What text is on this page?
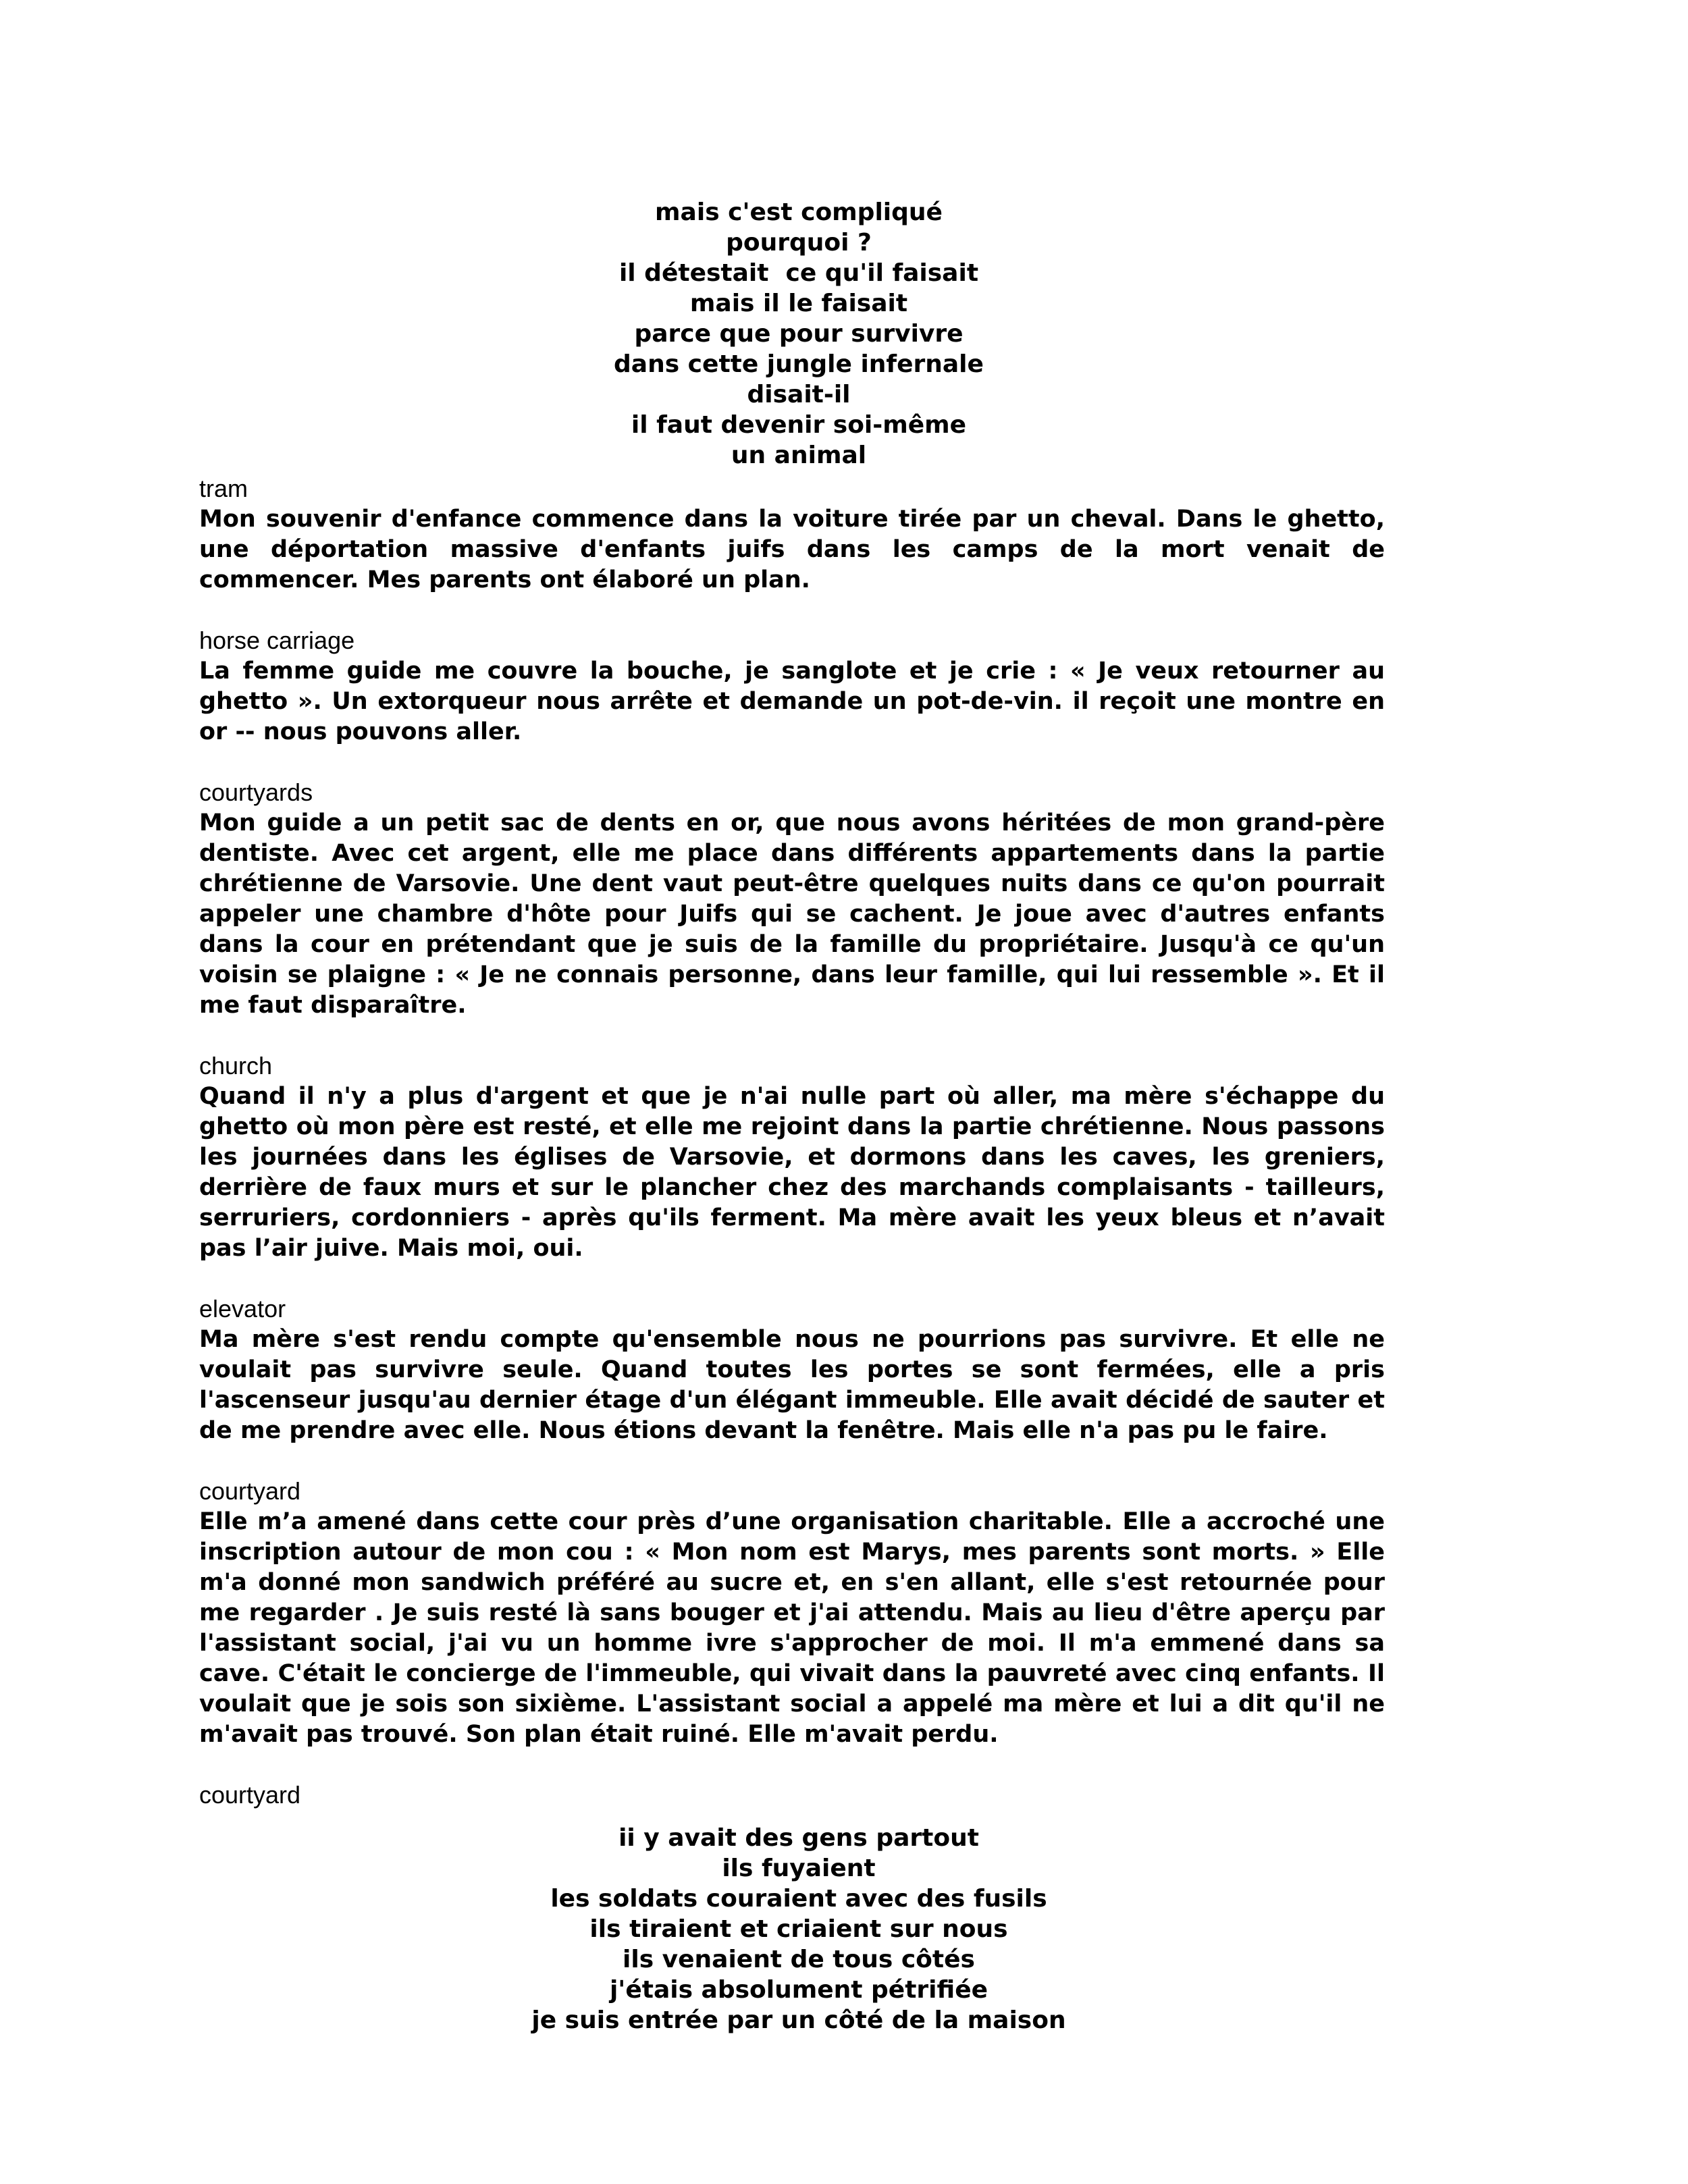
mais c'est compliqué
pourquoi ?
il détestait  ce qu'il faisait
mais il le faisait
parce que pour survivre
dans cette jungle infernale
disait-il
il faut devenir soi-même
un animal
tram

Mon souvenir d'enfance commence dans la voiture tirée par un cheval. Dans le ghetto, une déportation massive d'enfants juifs dans les camps de la mort venait de commencer. Mes parents ont élaboré un plan.

horse carriage

La femme guide me couvre la bouche, je sanglote et je crie : « Je veux retourner au ghetto ». Un extorqueur nous arrête et demande un pot-de-vin. il reçoit une montre en or -- nous pouvons aller.

courtyards

Mon guide a un petit sac de dents en or, que nous avons héritées de mon grand-père dentiste. Avec cet argent, elle me place dans différents appartements dans la partie chrétienne de Varsovie. Une dent vaut peut-être quelques nuits dans ce qu'on pourrait appeler une chambre d'hôte pour Juifs qui se cachent. Je joue avec d'autres enfants dans la cour en prétendant que je suis de la famille du propriétaire. Jusqu'à ce qu'un voisin se plaigne : « Je ne connais personne, dans leur famille, qui lui ressemble ». Et il me faut disparaître.

church

Quand il n'y a plus d'argent et que je n'ai nulle part où aller, ma mère s'échappe du ghetto où mon père est resté, et elle me rejoint dans la partie chrétienne. Nous passons les journées dans les églises de Varsovie, et dormons dans les caves, les greniers, derrière de faux murs et sur le plancher chez des marchands complaisants - tailleurs, serruriers, cordonniers - après qu'ils ferment. Ma mère avait les yeux bleus et n’avait pas l’air juive. Mais moi, oui.

elevator

Ma mère s'est rendu compte qu'ensemble nous ne pourrions pas survivre. Et elle ne voulait pas survivre seule. Quand toutes les portes se sont fermées, elle a pris l'ascenseur jusqu'au dernier étage d'un élégant immeuble. Elle avait décidé de sauter et de me prendre avec elle. Nous étions devant la fenêtre. Mais elle n'a pas pu le faire.

courtyard

Elle m’a amené dans cette cour près d’une organisation charitable. Elle a accroché une inscription autour de mon cou : « Mon nom est Marys, mes parents sont morts. » Elle m'a donné mon sandwich préféré au sucre et, en s'en allant, elle s'est retournée pour me regarder . Je suis resté là sans bouger et j'ai attendu. Mais au lieu d'être aperçu par l'assistant social, j'ai vu un homme ivre s'approcher de moi. Il m'a emmené dans sa cave. C'était le concierge de l'immeuble, qui vivait dans la pauvreté avec cinq enfants. Il voulait que je sois son sixième. L'assistant social a appelé ma mère et lui a dit qu'il ne m'avait pas trouvé. Son plan était ruiné. Elle m'avait perdu.

courtyard
ii y avait des gens partout
ils fuyaient
les soldats couraient avec des fusils
ils tiraient et criaient sur nous
ils venaient de tous côtés
j'étais absolument pétrifiée
je suis entrée par un côté de la maison
